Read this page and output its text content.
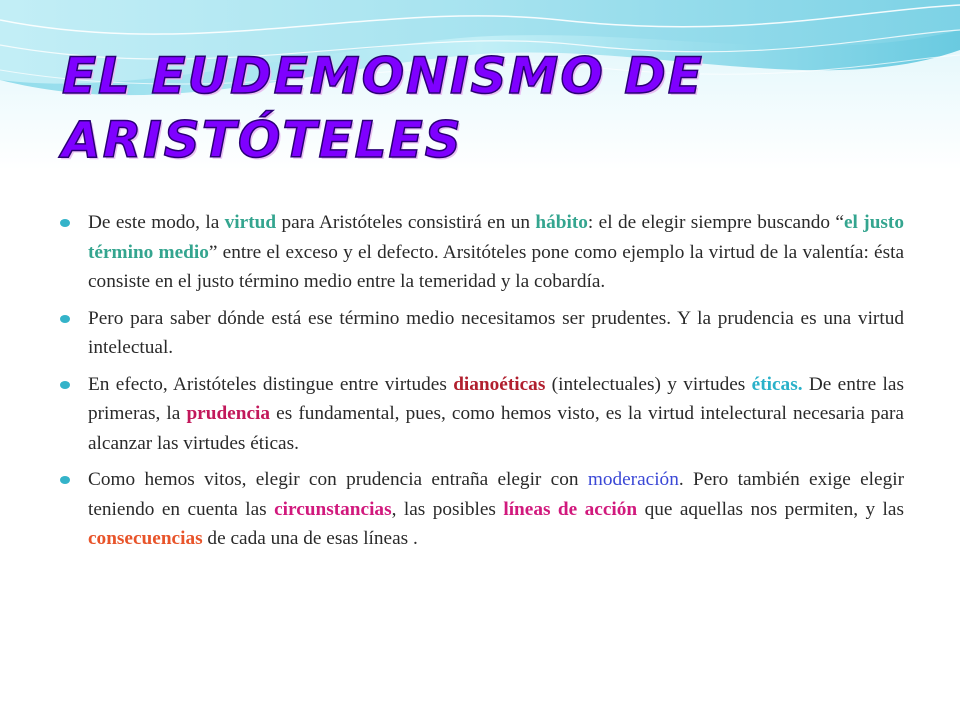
EL EUDEMONISMO DE ARISTÓTELES
De este modo, la virtud para Aristóteles consistirá en un hábito: el de elegir siempre buscando “el justo término medio” entre el exceso y el defecto. Arsitóteles pone como ejemplo la virtud de la valentía: ésta consiste en el justo término medio entre la temeridad y la cobardía.
Pero para saber dónde está ese término medio necesitamos ser prudentes. Y la prudencia es una virtud intelectual.
En efecto, Aristóteles distingue entre virtudes dianoéticas (intelectuales) y virtudes éticas. De entre las primeras, la prudencia es fundamental, pues, como hemos visto, es la virtud intelectural necesaria para alcanzar las virtudes éticas.
Como hemos vitos, elegir con prudencia entraña elegir con moderación. Pero también exige elegir teniendo en cuenta las circunstancias, las posibles líneas de acción que aquellas nos permiten, y las consecuencias de cada una de esas líneas .
